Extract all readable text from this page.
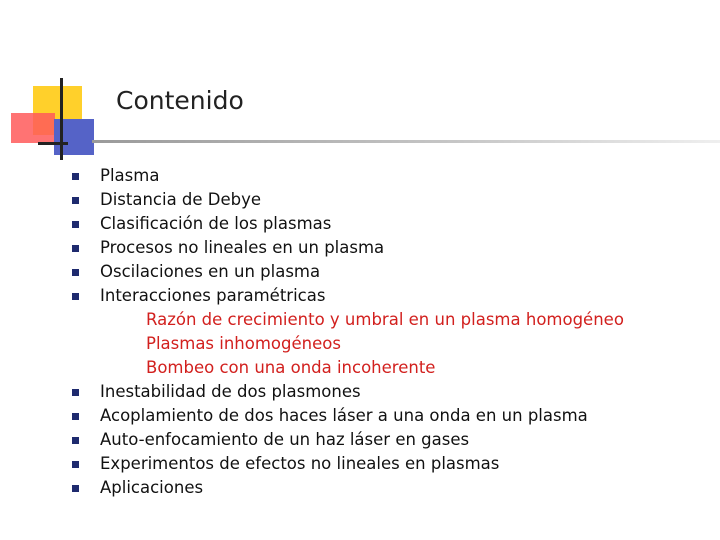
Contenido
Plasma
Distancia de Debye
Clasificación de los plasmas
Procesos no lineales en un plasma
Oscilaciones en un plasma
Interacciones paramétricas
Razón de crecimiento y umbral en un plasma homogéneo
Plasmas inhomogéneos
Bombeo con una onda incoherente
Inestabilidad de dos plasmones
Acoplamiento de dos haces láser a una onda en un plasma
Auto-enfocamiento de un haz láser en gases
Experimentos de efectos no lineales en plasmas
Aplicaciones
